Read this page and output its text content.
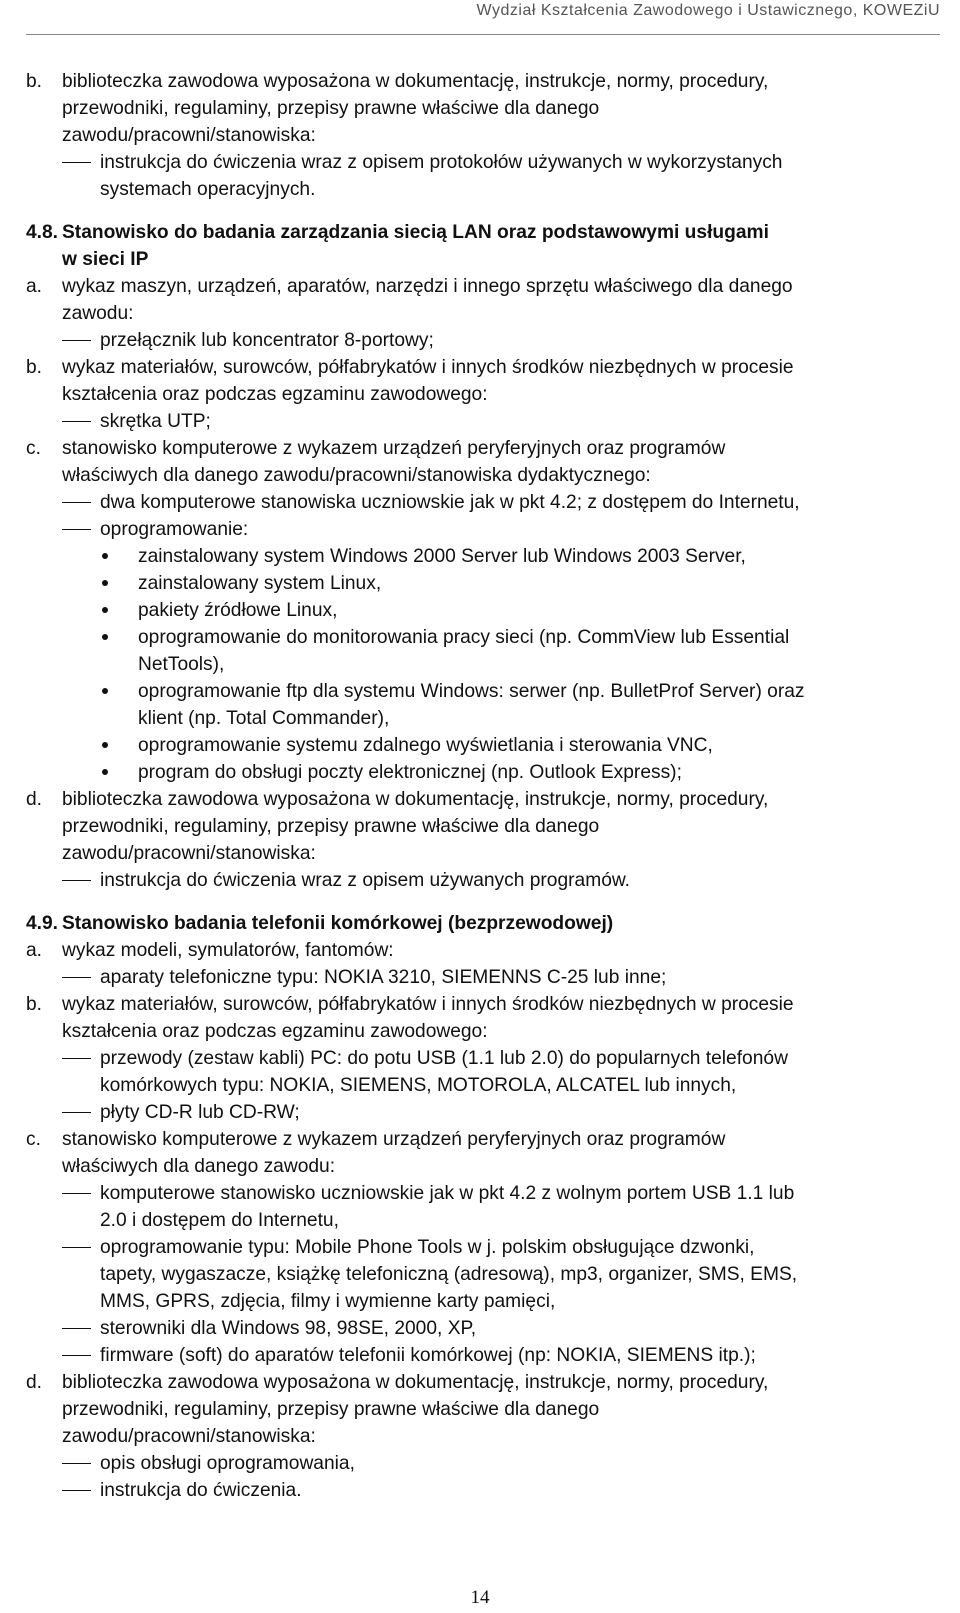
Wydział Kształcenia Zawodowego i Ustawicznego, KOWEZiU
b.	biblioteczka zawodowa wyposażona w dokumentację, instrukcje, normy, procedury,
przewodniki, regulaminy, przepisy prawne właściwe dla danego
zawodu/pracowni/stanowiska:
instrukcja do ćwiczenia wraz z opisem protokołów używanych w wykorzystanych
systemach operacyjnych.
4.8. Stanowisko do badania zarządzania siecią LAN oraz podstawowymi usługami
w sieci IP
a.	wykaz maszyn, urządzeń, aparatów, narzędzi i innego sprzętu właściwego dla danego
zawodu:
przełącznik lub koncentrator 8-portowy;
b.	wykaz materiałów, surowców, półfabrykatów i innych środków niezbędnych w procesie
kształcenia oraz podczas egzaminu zawodowego:
skrętka UTP;
c.	stanowisko komputerowe z wykazem urządzeń peryferyjnych oraz programów
właściwych dla danego zawodu/pracowni/stanowiska dydaktycznego:
dwa komputerowe stanowiska uczniowskie jak w pkt 4.2; z dostępem do Internetu,
oprogramowanie:
zainstalowany system Windows 2000 Server lub Windows 2003 Server,
zainstalowany system Linux,
pakiety źródłowe Linux,
oprogramowanie do monitorowania pracy sieci (np. CommView lub Essential
NetTools),
oprogramowanie ftp dla systemu Windows: serwer (np. BulletProf Server) oraz
klient (np. Total Commander),
oprogramowanie systemu zdalnego wyświetlania i sterowania VNC,
program do obsługi poczty elektronicznej (np. Outlook Express);
d.	biblioteczka zawodowa wyposażona w dokumentację, instrukcje, normy, procedury,
przewodniki, regulaminy, przepisy prawne właściwe dla danego
zawodu/pracowni/stanowiska:
instrukcja do ćwiczenia wraz z opisem używanych programów.
4.9. Stanowisko badania telefonii komórkowej (bezprzewodowej)
a.	wykaz modeli, symulatorów, fantomów:
aparaty telefoniczne typu: NOKIA 3210, SIEMENNS C-25 lub inne;
b.	wykaz materiałów, surowców, półfabrykatów i innych środków niezbędnych w procesie
kształcenia oraz podczas egzaminu zawodowego:
przewody (zestaw kabli) PC: do potu USB (1.1 lub 2.0) do popularnych telefonów
komórkowych typu: NOKIA, SIEMENS, MOTOROLA, ALCATEL lub innych,
płyty CD-R lub CD-RW;
c.	stanowisko komputerowe z wykazem urządzeń peryferyjnych oraz programów
właściwych dla danego zawodu:
komputerowe stanowisko uczniowskie jak w pkt 4.2 z wolnym portem USB 1.1 lub
2.0 i dostępem do Internetu,
oprogramowanie typu: Mobile Phone Tools w j. polskim obsługujące dzwonki,
tapety, wygaszacze, książkę telefoniczną (adresową), mp3, organizer, SMS, EMS,
MMS, GPRS, zdjęcia, filmy i wymienne karty pamięci,
sterowniki dla Windows 98, 98SE, 2000, XP,
firmware (soft) do aparatów telefonii komórkowej (np: NOKIA, SIEMENS itp.);
d.	biblioteczka zawodowa wyposażona w dokumentację, instrukcje, normy, procedury,
przewodniki, regulaminy, przepisy prawne właściwe dla danego
zawodu/pracowni/stanowiska:
opis obsługi oprogramowania,
instrukcja do ćwiczenia.
14
